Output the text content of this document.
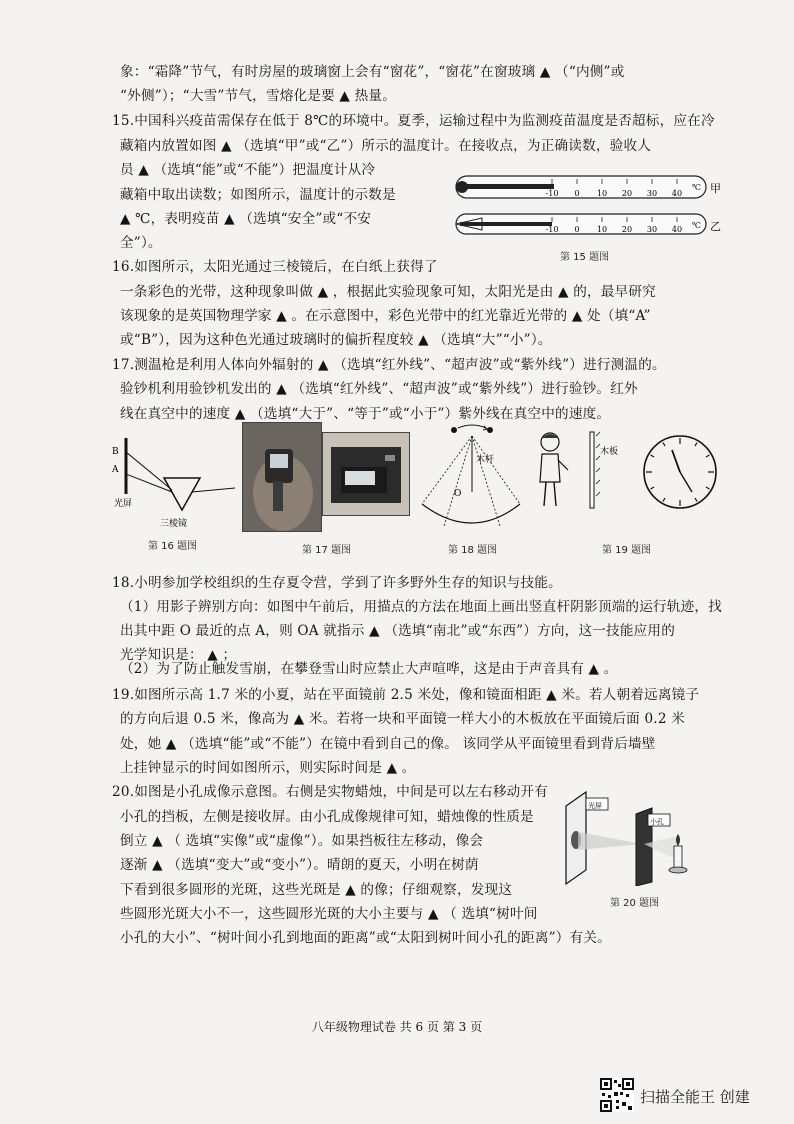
象：“霜降”节气，有时房屋的玻璃窗上会有“窗花”，“窗花”在窗玻璃 ▲ （“内侧”或
“外侧”）；“大雪”节气，雪熔化是要 ▲ 热量。
15.中国科兴疫苗需保存在低于 8℃的环境中。夏季，运输过程中为监测疫苗温度是否超标，应在冷
藏箱内放置如图 ▲ （选填“甲”或“乙”）所示的温度计。在接收点，为正确读数，验收人
员 ▲ （选填“能”或“不能”）把温度计从冷
藏箱中取出读数；如图所示，温度计的示数是
▲ ℃，表明疫苗 ▲ （选填“安全”或“不安
全”）。
-10 0 10 20 30 40
℃ 甲
-10 0 10 20 30 40 ℃ 乙
第 15 题图
16.如图所示，太阳光通过三棱镜后，在白纸上获得了
一条彩色的光带，这种现象叫做 ▲ ，根据此实验现象可知，太阳光是由 ▲ 的，最早研究
该现象的是英国物理学家 ▲ 。在示意图中，彩色光带中的红光靠近光带的 ▲ 处（填“A”
或“B”），因为这种色光通过玻璃时的偏折程度较 ▲ （选填“大”“小”）。
17.测温枪是利用人体向外辐射的 ▲ （选填“红外线”、“超声波”或“紫外线”）进行测温的。
验钞机利用验钞机发出的 ▲ （选填“红外线”、“超声波”或“紫外线”）进行验钞。红外
线在真空中的速度 ▲ （选填“大于”、“等于”或“小于”）紫外线在真空中的速度。
B
A
光屏
三棱镜
第 16 题图	第 17 题图
木杆
O
第 18 题图
木板
第 19 题图
18.小明参加学校组织的生存夏令营，学到了许多野外生存的知识与技能。
（1）用影子辨别方向：如图中午前后，用描点的方法在地面上画出竖直杆阴影顶端的运行轨迹，找
出其中距 O 最近的点 A，则 OA 就指示 ▲ （选填“南北”或“东西”）方向，这一技能应用的
光学知识是： ▲ ；
（2）为了防止触发雪崩，在攀登雪山时应禁止大声喧哗，这是由于声音具有 ▲ 。
19.如图所示高 1.7 米的小夏，站在平面镜前 2.5 米处，像和镜面相距 ▲ 米。若人朝着远离镜子
的方向后退 0.5 米，像高为 ▲ 米。若将一块和平面镜一样大小的木板放在平面镜后面 0.2 米
处，她 ▲ （选填“能”或“不能”）在镜中看到自己的像。 该同学从平面镜里看到背后墙壁
上挂钟显示的时间如图所示，则实际时间是 ▲ 。
20.如图是小孔成像示意图。右侧是实物蜡烛，中间是可以左右移动开有
小孔的挡板，左侧是接收屏。由小孔成像规律可知，蜡烛像的性质是
倒立 ▲ （ 选填“实像”或“虚像”）。如果挡板往左移动，像会
逐渐 ▲ （选填“变大”或“变小”）。晴朗的夏天，小明在树荫
下看到很多圆形的光斑，这些光斑是 ▲ 的像；仔细观察，发现这
些圆形光斑大小不一，这些圆形光斑的大小主要与 ▲ （ 选填“树叶间
小孔的大小”、“树叶间小孔到地面的距离”或“太阳到树叶间小孔的距离”）有关。
光屏
小孔
第 20 题图
八年级物理试卷 共 6 页 第 3 页
扫描全能王 创建
